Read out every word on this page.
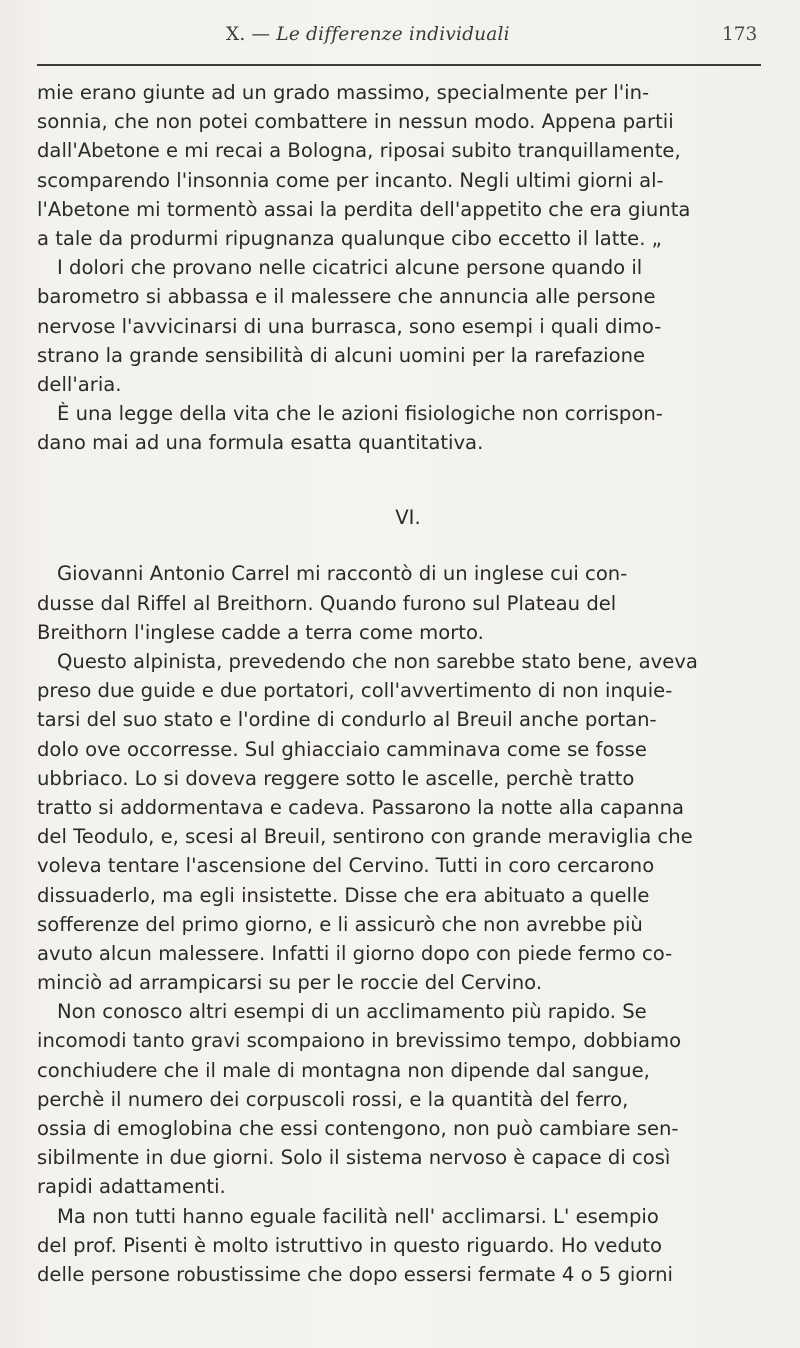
X. — Le differenze individuali	173
mie erano giunte ad un grado massimo, specialmente per l'in-
sonnia, che non potei combattere in nessun modo. Appena partii
dall'Abetone e mi recai a Bologna, riposai subito tranquillamente,
scomparendo l'insonnia come per incanto. Negli ultimi giorni al-
l'Abetone mi tormentò assai la perdita dell'appetito che era giunta
a tale da produrmi ripugnanza qualunque cibo eccetto il latte. „
I dolori che provano nelle cicatrici alcune persone quando il
barometro si abbassa e il malessere che annuncia alle persone
nervose l'avvicinarsi di una burrasca, sono esempi i quali dimo-
strano la grande sensibilità di alcuni uomini per la rarefazione
dell'aria.
È una legge della vita che le azioni fisiologiche non corrispon-
dano mai ad una formula esatta quantitativa.
VI.
Giovanni Antonio Carrel mi raccontò di un inglese cui con-
dusse dal Riffel al Breithorn. Quando furono sul Plateau del
Breithorn l'inglese cadde a terra come morto.
Questo alpinista, prevedendo che non sarebbe stato bene, aveva
preso due guide e due portatori, coll'avvertimento di non inquie-
tarsi del suo stato e l'ordine di condurlo al Breuil anche portan-
dolo ove occorresse. Sul ghiacciaio camminava come se fosse
ubbriaco. Lo si doveva reggere sotto le ascelle, perchè tratto
tratto si addormentava e cadeva. Passarono la notte alla capanna
del Teodulo, e, scesi al Breuil, sentirono con grande meraviglia che
voleva tentare l'ascensione del Cervino. Tutti in coro cercarono
dissuaderlo, ma egli insistette. Disse che era abituato a quelle
sofferenze del primo giorno, e li assicurò che non avrebbe più
avuto alcun malessere. Infatti il giorno dopo con piede fermo co-
minciò ad arrampicarsi su per le roccie del Cervino.
Non conosco altri esempi di un acclimamento più rapido. Se
incomodi tanto gravi scompaiono in brevissimo tempo, dobbiamo
conchiudere che il male di montagna non dipende dal sangue,
perchè il numero dei corpuscoli rossi, e la quantità del ferro,
ossia di emoglobina che essi contengono, non può cambiare sen-
sibilmente in due giorni. Solo il sistema nervoso è capace di così
rapidi adattamenti.
Ma non tutti hanno eguale facilità nell' acclimarsi. L' esempio
del prof. Pisenti è molto istruttivo in questo riguardo. Ho veduto
delle persone robustissime che dopo essersi fermate 4 o 5 giorni
